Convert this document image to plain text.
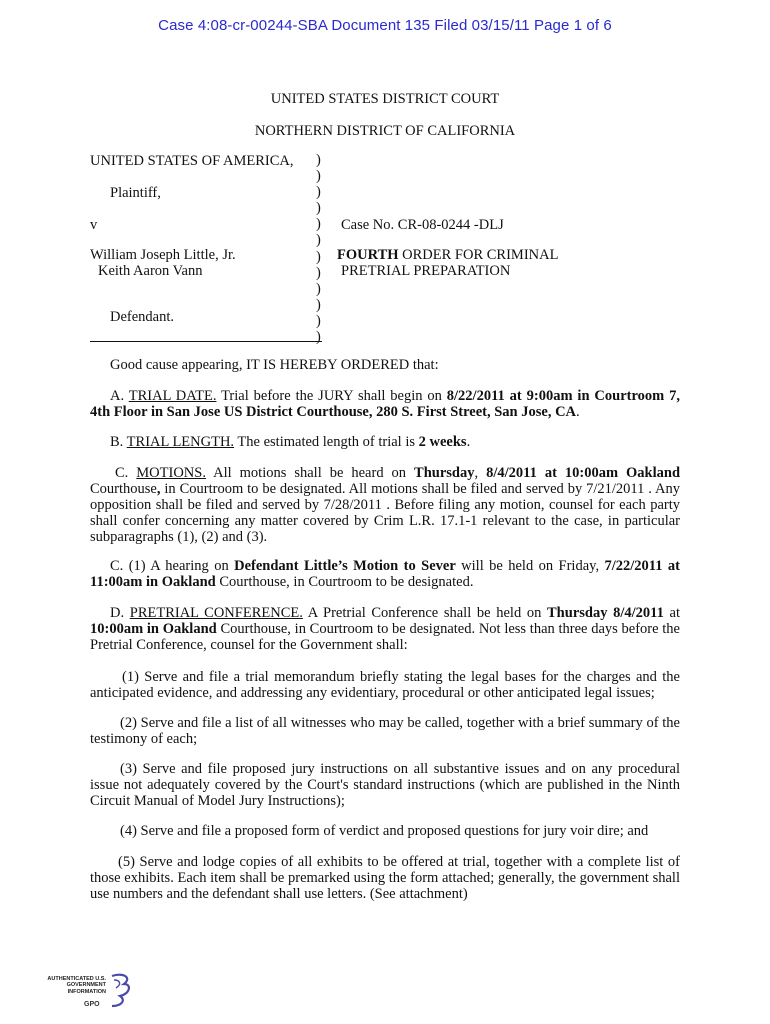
Case 4:08-cr-00244-SBA Document 135 Filed 03/15/11 Page 1 of 6
UNITED STATES DISTRICT COURT
NORTHERN DISTRICT OF CALIFORNIA
UNITED STATES OF AMERICA,
Plaintiff,
v
William Joseph Little, Jr.
Keith Aaron Vann
Defendant.
)
)
)
)
)
)
)
)
)
)
)
)
Case No. CR-08-0244 -DLJ
FOURTH ORDER FOR CRIMINAL
PRETRIAL PREPARATION
Good cause appearing, IT IS HEREBY ORDERED that:
A. TRIAL DATE. Trial before the JURY shall begin on 8/22/2011 at 9:00am in Courtroom 7, 4th Floor in San Jose US District Courthouse, 280 S. First Street, San Jose, CA.
B. TRIAL LENGTH. The estimated length of trial is 2 weeks.
C. MOTIONS. All motions shall be heard on Thursday, 8/4/2011 at 10:00am Oakland Courthouse, in Courtroom to be designated. All motions shall be filed and served by 7/21/2011 . Any opposition shall be filed and served by 7/28/2011 . Before filing any motion, counsel for each party shall confer concerning any matter covered by Crim L.R. 17.1-1 relevant to the case, in particular subparagraphs (1), (2) and (3).
C. (1) A hearing on Defendant Little’s Motion to Sever will be held on Friday, 7/22/2011 at 11:00am in Oakland Courthouse, in Courtroom to be designated.
D. PRETRIAL CONFERENCE. A Pretrial Conference shall be held on Thursday 8/4/2011 at 10:00am in Oakland Courthouse, in Courtroom to be designated. Not less than three days before the Pretrial Conference, counsel for the Government shall:
(1) Serve and file a trial memorandum briefly stating the legal bases for the charges and the anticipated evidence, and addressing any evidentiary, procedural or other anticipated legal issues;
(2) Serve and file a list of all witnesses who may be called, together with a brief summary of the testimony of each;
(3) Serve and file proposed jury instructions on all substantive issues and on any procedural issue not adequately covered by the Court's standard instructions (which are published in the Ninth Circuit Manual of Model Jury Instructions);
(4) Serve and file a proposed form of verdict and proposed questions for jury voir dire; and
(5) Serve and lodge copies of all exhibits to be offered at trial, together with a complete list of those exhibits. Each item shall be premarked using the form attached; generally, the government shall use numbers and the defendant shall use letters. (See attachment)
AUTHENTICATED U.S. GOVERNMENT INFORMATION
GPO
